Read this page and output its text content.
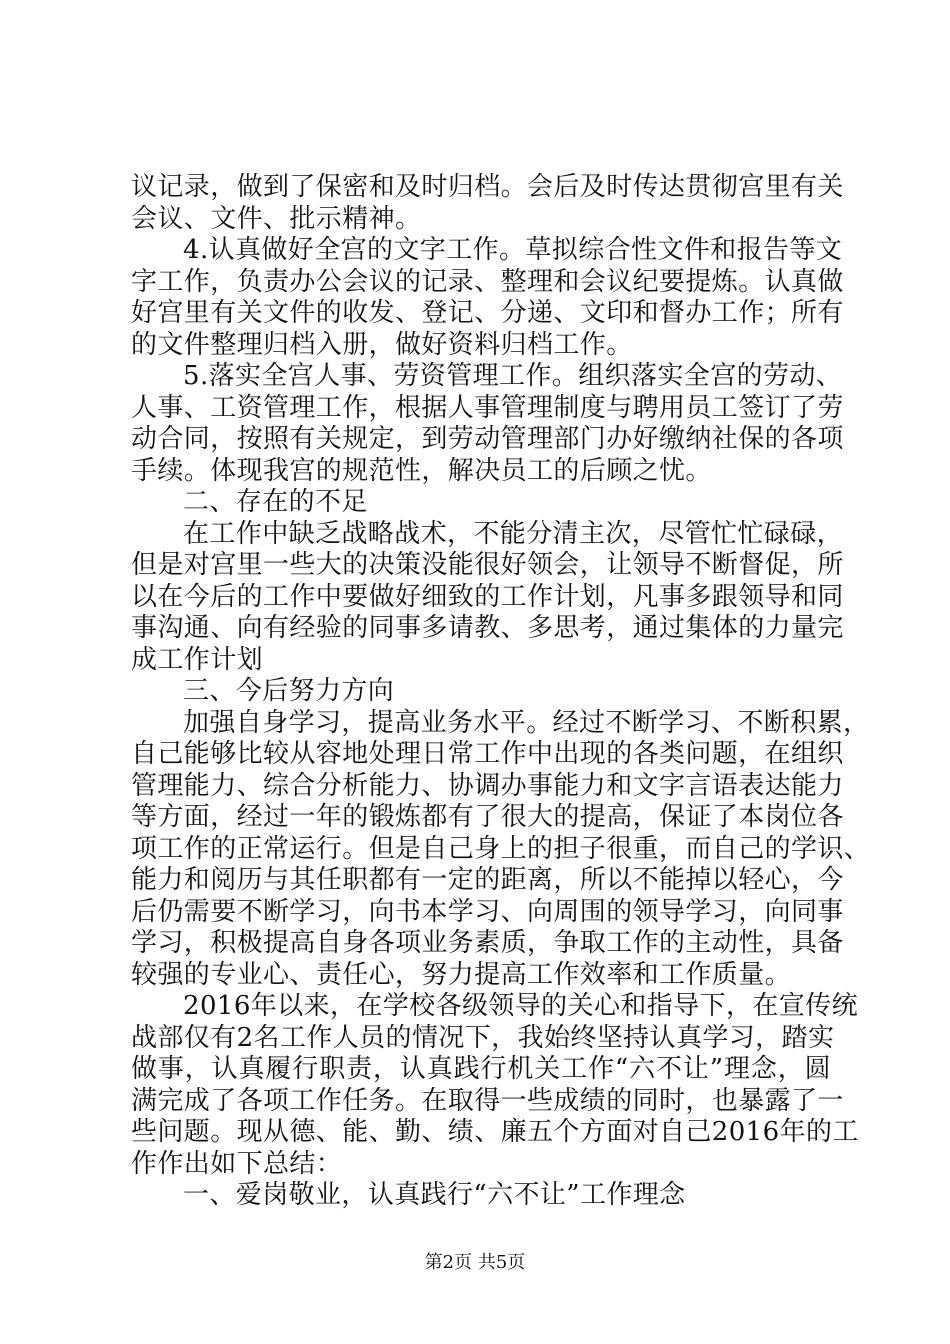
议记录，做到了保密和及时归档。会后及时传达贯彻宫里有关
会议、文件、批示精神。
4.认真做好全宫的文字工作。草拟综合性文件和报告等文
字工作，负责办公会议的记录、整理和会议纪要提炼。认真做
好宫里有关文件的收发、登记、分递、文印和督办工作；所有
的文件整理归档入册，做好资料归档工作。
5.落实全宫人事、劳资管理工作。组织落实全宫的劳动、
人事、工资管理工作，根据人事管理制度与聘用员工签订了劳
动合同，按照有关规定，到劳动管理部门办好缴纳社保的各项
手续。体现我宫的规范性，解决员工的后顾之忧。
二、存在的不足
在工作中缺乏战略战术，不能分清主次，尽管忙忙碌碌，
但是对宫里一些大的决策没能很好领会，让领导不断督促，所
以在今后的工作中要做好细致的工作计划，凡事多跟领导和同
事沟通、向有经验的同事多请教、多思考，通过集体的力量完
成工作计划
三、今后努力方向
加强自身学习，提高业务水平。经过不断学习、不断积累，
自己能够比较从容地处理日常工作中出现的各类问题，在组织
管理能力、综合分析能力、协调办事能力和文字言语表达能力
等方面，经过一年的锻炼都有了很大的提高，保证了本岗位各
项工作的正常运行。但是自己身上的担子很重，而自己的学识、
能力和阅历与其任职都有一定的距离，所以不能掉以轻心，今
后仍需要不断学习，向书本学习、向周围的领导学习，向同事
学习，积极提高自身各项业务素质，争取工作的主动性，具备
较强的专业心、责任心，努力提高工作效率和工作质量。
2016年以来，在学校各级领导的关心和指导下，在宣传统
战部仅有2名工作人员的情况下，我始终坚持认真学习，踏实
做事，认真履行职责，认真践行机关工作“六不让”理念，圆
满完成了各项工作任务。在取得一些成绩的同时，也暴露了一
些问题。现从德、能、勤、绩、廉五个方面对自己2016年的工
作作出如下总结：
一、爱岗敬业，认真践行“六不让”工作理念
第2页 共5页
